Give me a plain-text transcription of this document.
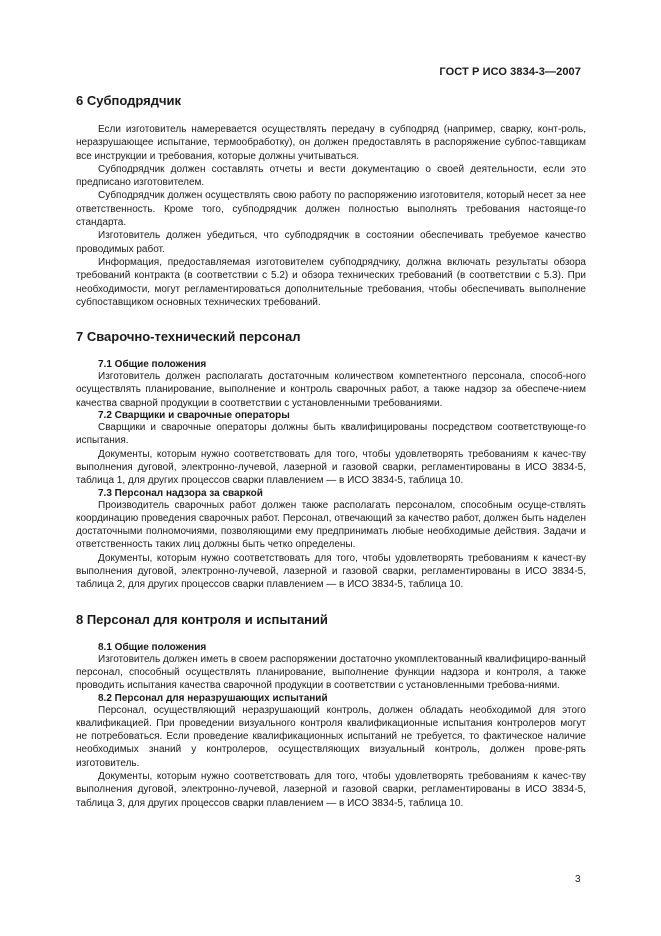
ГОСТ Р ИСО 3834-3—2007
6 Субподрядчик

Если изготовитель намеревается осуществлять передачу в субподряд (например, сварку, конт-роль, неразрушающее испытание, термообработку), он должен предоставлять в распоряжение субпос-тавщикам все инструкции и требования, которые должны учитываться.

Субподрядчик должен составлять отчеты и вести документацию о своей деятельности, если это предписано изготовителем.

Субподрядчик должен осуществлять свою работу по распоряжению изготовителя, который несет за нее ответственность. Кроме того, субподрядчик должен полностью выполнять требования настояще-го стандарта.

Изготовитель должен убедиться, что субподрядчик в состоянии обеспечивать требуемое качество проводимых работ.

Информация, предоставляемая изготовителем субподрядчику, должна включать результаты обзора требований контракта (в соответствии с 5.2) и обзора технических требований (в соответствии с 5.3). При необходимости, могут регламентироваться дополнительные требования, чтобы обеспечивать выполнение субпоставщиком основных технических требований.

7 Сварочно-технический персонал
7.1 Общие положения

Изготовитель должен располагать достаточным количеством компетентного персонала, способ-ного осуществлять планирование, выполнение и контроль сварочных работ, а также надзор за обеспече-нием качества сварной продукции в соответствии с установленными требованиями.

7.2 Сварщики и сварочные операторы

Сварщики и сварочные операторы должны быть квалифицированы посредством соответствующе-го испытания.

Документы, которым нужно соответствовать для того, чтобы удовлетворять требованиям к качес-тву выполнения дуговой, электронно-лучевой, лазерной и газовой сварки, регламентированы в ИСО 3834-5, таблица 1, для других процессов сварки плавлением — в ИСО 3834-5, таблица 10.

7.3 Персонал надзора за сваркой

Производитель сварочных работ должен также располагать персоналом, способным осуще-ствлять координацию проведения сварочных работ. Персонал, отвечающий за качество работ, должен быть наделен достаточными полномочиями, позволяющими ему предпринимать любые необходимые действия. Задачи и ответственность таких лиц должны быть четко определены.

Документы, которым нужно соответствовать для того, чтобы удовлетворять требованиям к качест-ву выполнения дуговой, электронно-лучевой, лазерной и газовой сварки, регламентированы в ИСО 3834-5, таблица 2, для других процессов сварки плавлением — в ИСО 3834-5, таблица 10.

8 Персонал для контроля и испытаний
8.1 Общие положения

Изготовитель должен иметь в своем распоряжении достаточно укомплектованный квалифициро-ванный персонал, способный осуществлять планирование, выполнение функции надзора и контроля, а также проводить испытания качества сварочной продукции в соответствии с установленными требова-ниями.

8.2 Персонал для неразрушающих испытаний

Персонал, осуществляющий неразрушающий контроль, должен обладать необходимой для этого квалификацией. При проведении визуального контроля квалификационные испытания контролеров могут не потребоваться. Если проведение квалификационных испытаний не требуется, то фактическое наличие необходимых знаний у контролеров, осуществляющих визуальный контроль, должен прове-рять изготовитель.

Документы, которым нужно соответствовать для того, чтобы удовлетворять требованиям к качес-тву выполнения дуговой, электронно-лучевой, лазерной и газовой сварки, регламентированы в ИСО 3834-5, таблица 3, для других процессов сварки плавлением — в ИСО 3834-5, таблица 10.

3
